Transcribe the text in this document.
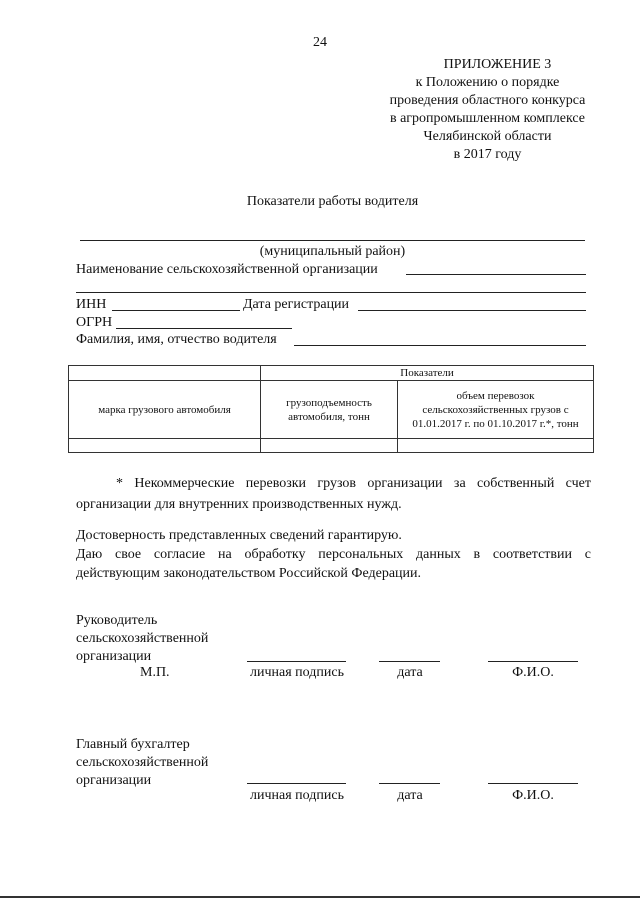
24
ПРИЛОЖЕНИЕ 3
к Положению о порядке
проведения областного конкурса
в агропромышленном комплексе
Челябинской области
в 2017 году
Показатели работы водителя
(муниципальный район)
Наименование сельскохозяйственной организации
ИНН	Дата регистрации
ОГРН
Фамилия, имя, отчество водителя
	Показатели	
марка грузового автомобиля	грузоподъемность автомобиля, тонн	объем перевозок сельскохозяйственных грузов с 01.01.2017 г. по 01.10.2017 г.*, тонн

* Некоммерческие перевозки грузов организации за собственный счет организации для внутренних производственных нужд.
Достоверность представленных сведений гарантирую.
Даю свое согласие на обработку персональных данных в соответствии с действующим законодательством Российской Федерации.
Руководитель
сельскохозяйственной
организации
М.П.	личная подпись	дата	Ф.И.О.
Главный бухгалтер
сельскохозяйственной
организации
личная подпись	дата	Ф.И.О.
